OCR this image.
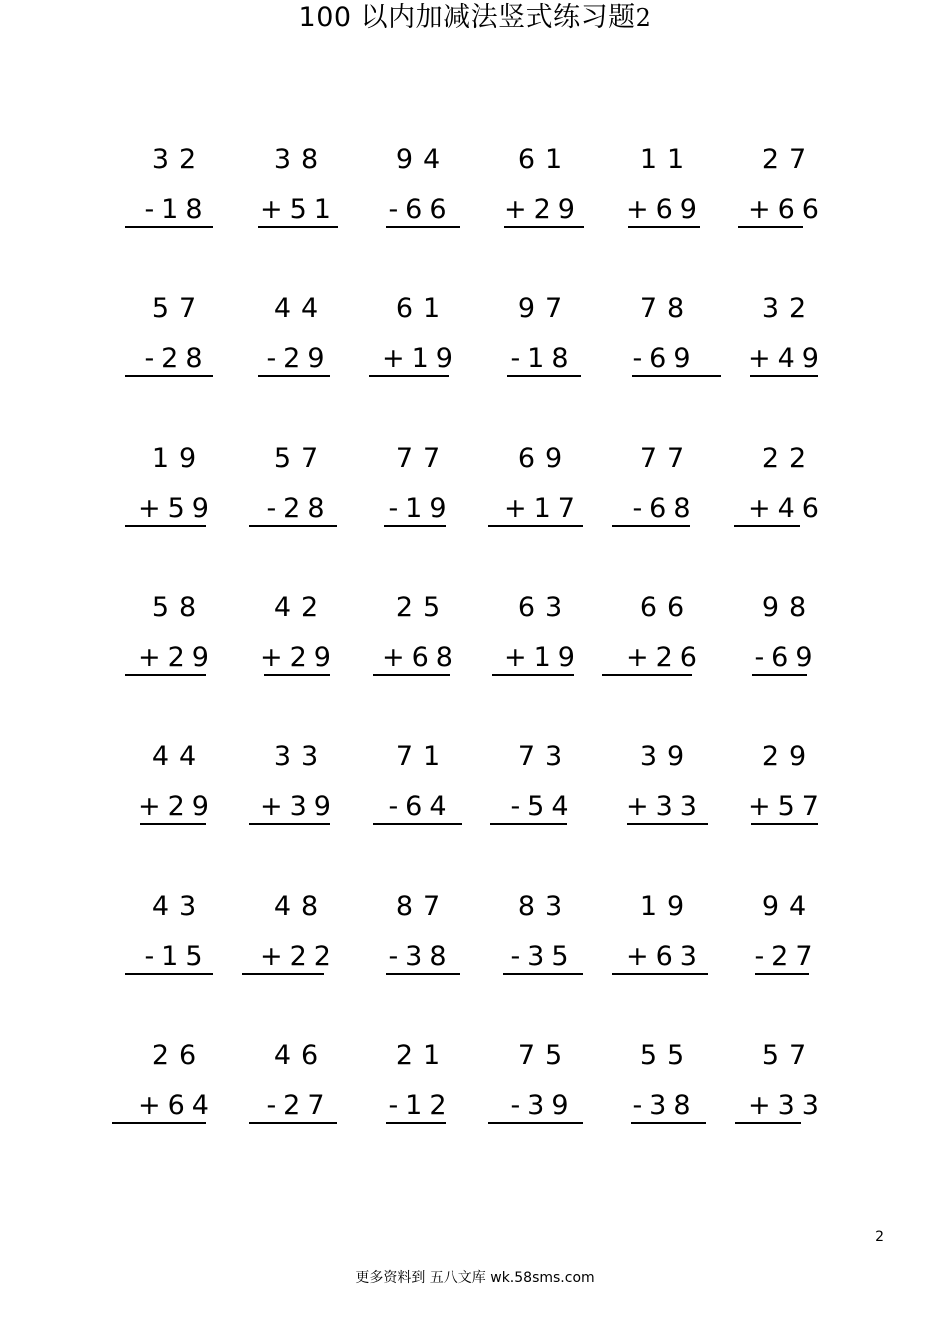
100 以内加减法竖式练习题2
32
-18
38
+51
94
-66
61
+29
11
+69
27
+66
57
-28
44
-29
61
+19
97
-18
78
-69
32
+49
19
+59
57
-28
77
-19
69
+17
77
-68
22
+46
58
+29
42
+29
25
+68
63
+19
66
+26
98
-69
44
+29
33
+39
71
-64
73
-54
39
+33
29
+57
43
-15
48
+22
87
-38
83
-35
19
+63
94
-27
26
+64
46
-27
21
-12
75
-39
55
-38
57
+33
2
更多资料到 五八文库 wk.58sms.com
